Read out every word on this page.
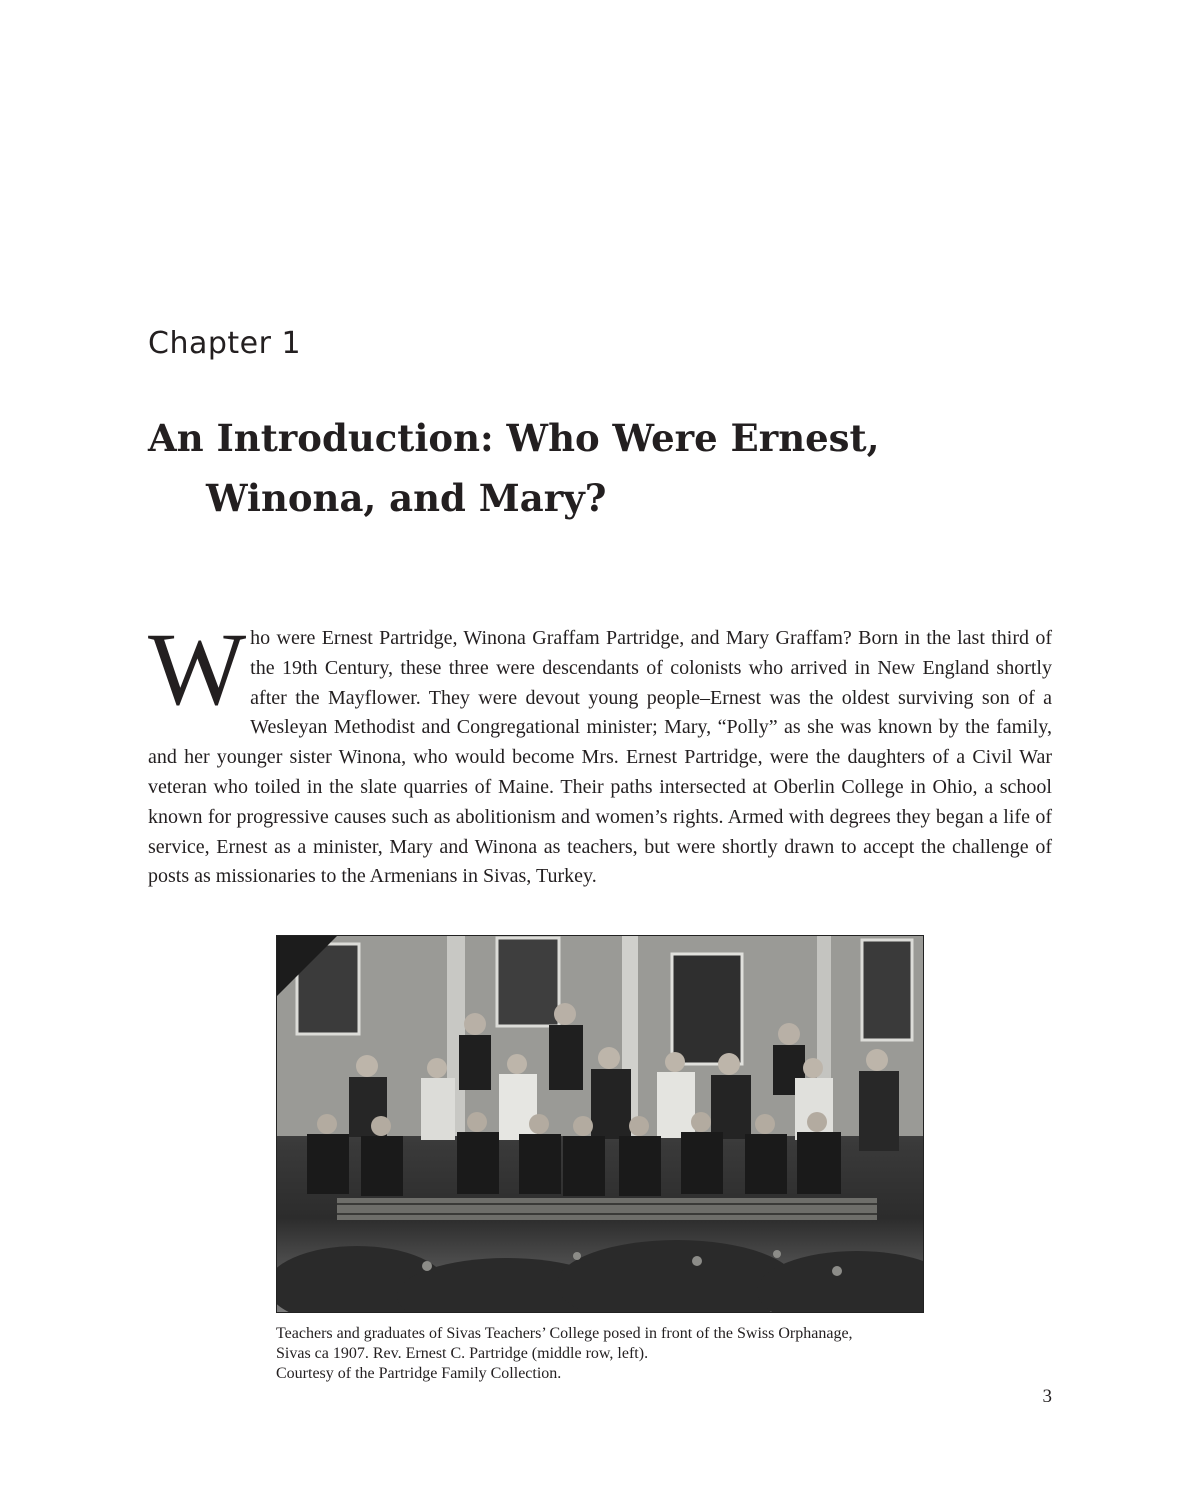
Chapter 1
An Introduction: Who Were Ernest,
Winona, and Mary?

Who were Ernest Partridge, Winona Graffam Partridge, and Mary Graffam? Born in the last third of the 19th Century, these three were descendants of colonists who arrived in New England shortly after the Mayflower. They were devout young people–Ernest was the oldest surviving son of a Wesleyan Methodist and Congregational minister; Mary, “Polly” as she was known by the family, and her younger sister Winona, who would become Mrs. Ernest Partridge, were the daughters of a Civil War veteran who toiled in the slate quarries of Maine. Their paths intersected at Oberlin College in Ohio, a school known for progressive causes such as abolitionism and women’s rights. Armed with degrees they began a life of service, Ernest as a minister, Mary and Winona as teachers, but were shortly drawn to accept the challenge of posts as missionaries to the Armenians in Sivas, Turkey.

Teachers and graduates of Sivas Teachers’ College posed in front of the Swiss Orphanage,
Sivas ca 1907. Rev. Ernest C. Partridge (middle row, left).
Courtesy of the Partridge Family Collection.

3
